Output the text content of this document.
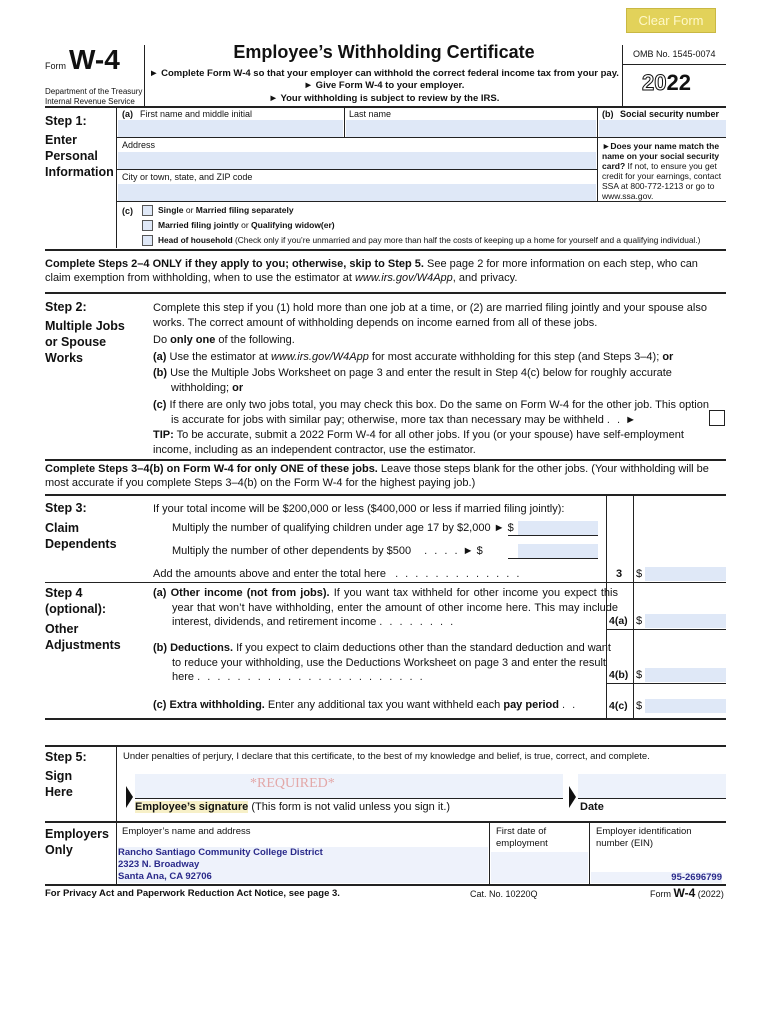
Clear Form
Form W-4
Department of the Treasury
Internal Revenue Service
Employee’s Withholding Certificate
► Complete Form W-4 so that your employer can withhold the correct federal income tax from your pay.
► Give Form W-4 to your employer.
► Your withholding is subject to review by the IRS.
OMB No. 1545-0074
2022
Step 1:
Enter
Personal
Information
(a) First name and middle initial	Last name	(b) Social security number
Address
City or town, state, and ZIP code
►Does your name match the name on your social security card? If not, to ensure you get credit for your earnings, contact SSA at 800-772-1213 or go to www.ssa.gov.
(c)	Single or Married filing separately
Married filing jointly or Qualifying widow(er)
Head of household (Check only if you’re unmarried and pay more than half the costs of keeping up a home for yourself and a qualifying individual.)
Complete Steps 2–4 ONLY if they apply to you; otherwise, skip to Step 5. See page 2 for more information on each step, who can claim exemption from withholding, when to use the estimator at www.irs.gov/W4App, and privacy.
Step 2:
Multiple Jobs
or Spouse
Works
Complete this step if you (1) hold more than one job at a time, or (2) are married filing jointly and your spouse also works. The correct amount of withholding depends on income earned from all of these jobs.
Do only one of the following.
(a) Use the estimator at www.irs.gov/W4App for most accurate withholding for this step (and Steps 3–4); or
(b) Use the Multiple Jobs Worksheet on page 3 and enter the result in Step 4(c) below for roughly accurate withholding; or
(c) If there are only two jobs total, you may check this box. Do the same on Form W-4 for the other job. This option is accurate for jobs with similar pay; otherwise, more tax than necessary may be withheld . . ►
TIP: To be accurate, submit a 2022 Form W-4 for all other jobs. If you (or your spouse) have self-employment income, including as an independent contractor, use the estimator.
Complete Steps 3–4(b) on Form W-4 for only ONE of these jobs. Leave those steps blank for the other jobs. (Your withholding will be most accurate if you complete Steps 3–4(b) on the Form W-4 for the highest paying job.)
Step 3:
Claim
Dependents
If your total income will be $200,000 or less ($400,000 or less if married filing jointly):
Multiply the number of qualifying children under age 17 by $2,000 ► $
Multiply the number of other dependents by $500 . . . . ► $
Add the amounts above and enter the total here . . . . . . . . . . . . .	3 $
Step 4
(optional):
Other
Adjustments
(a) Other income (not from jobs). If you want tax withheld for other income you expect this year that won’t have withholding, enter the amount of other income here. This may include interest, dividends, and retirement income . . . . . . . .	4(a) $
(b) Deductions. If you expect to claim deductions other than the standard deduction and want to reduce your withholding, use the Deductions Worksheet on page 3 and enter the result here . . . . . . . . . . . . . . . . . . . . . . .	4(b) $
(c) Extra withholding. Enter any additional tax you want withheld each pay period . .	4(c) $
Step 5:
Sign
Here
Under penalties of perjury, I declare that this certificate, to the best of my knowledge and belief, is true, correct, and complete.
*REQUIRED*
Employee’s signature (This form is not valid unless you sign it.)	Date
Employers
Only
Employer’s name and address
Rancho Santiago Community College District
2323 N. Broadway
Santa Ana, CA 92706
First date of
employment
Employer identification
number (EIN)
95-2696799
For Privacy Act and Paperwork Reduction Act Notice, see page 3.	Cat. No. 10220Q	Form W-4 (2022)
